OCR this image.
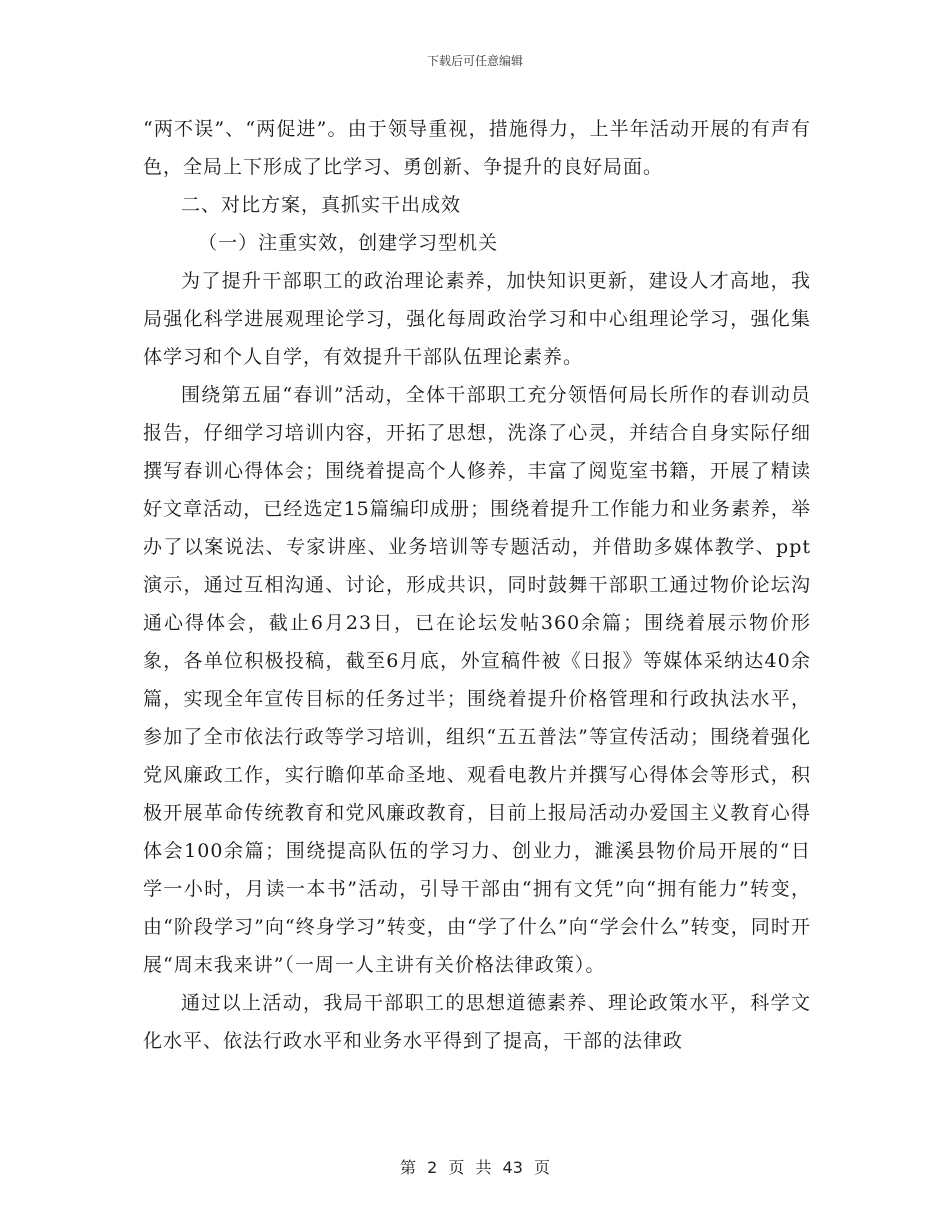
下载后可任意编辑

“两不误”、“两促进”。由于领导重视，措施得力，上半年活动开展的有声有色，全局上下形成了比学习、勇创新、争提升的良好局面。

二、对比方案，真抓实干出成效

（一）注重实效，创建学习型机关

为了提升干部职工的政治理论素养，加快知识更新，建设人才高地，我局强化科学进展观理论学习，强化每周政治学习和中心组理论学习，强化集体学习和个人自学，有效提升干部队伍理论素养。

围绕第五届“春训”活动，全体干部职工充分领悟何局长所作的春训动员报告，仔细学习培训内容，开拓了思想，洗涤了心灵，并结合自身实际仔细撰写春训心得体会；围绕着提高个人修养，丰富了阅览室书籍，开展了精读好文章活动，已经选定15篇编印成册；围绕着提升工作能力和业务素养，举办了以案说法、专家讲座、业务培训等专题活动，并借助多媒体教学、ppt演示，通过互相沟通、讨论，形成共识，同时鼓舞干部职工通过物价论坛沟通心得体会，截止6月23日，已在论坛发帖360余篇；围绕着展示物价形象，各单位积极投稿，截至6月底，外宣稿件被《日报》等媒体采纳达40余篇，实现全年宣传目标的任务过半；围绕着提升价格管理和行政执法水平，参加了全市依法行政等学习培训，组织“五五普法”等宣传活动；围绕着强化党风廉政工作，实行瞻仰革命圣地、观看电教片并撰写心得体会等形式，积极开展革命传统教育和党风廉政教育，目前上报局活动办爱国主义教育心得体会100余篇；围绕提高队伍的学习力、创业力，濉溪县物价局开展的“日学一小时，月读一本书”活动，引导干部由“拥有文凭”向“拥有能力”转变，由“阶段学习”向“终身学习”转变，由“学了什么”向“学会什么”转变，同时开展“周末我来讲”（一周一人主讲有关价格法律政策）。

通过以上活动，我局干部职工的思想道德素养、理论政策水平，科学文化水平、依法行政水平和业务水平得到了提高，干部的法律政

第 2 页 共 43 页
